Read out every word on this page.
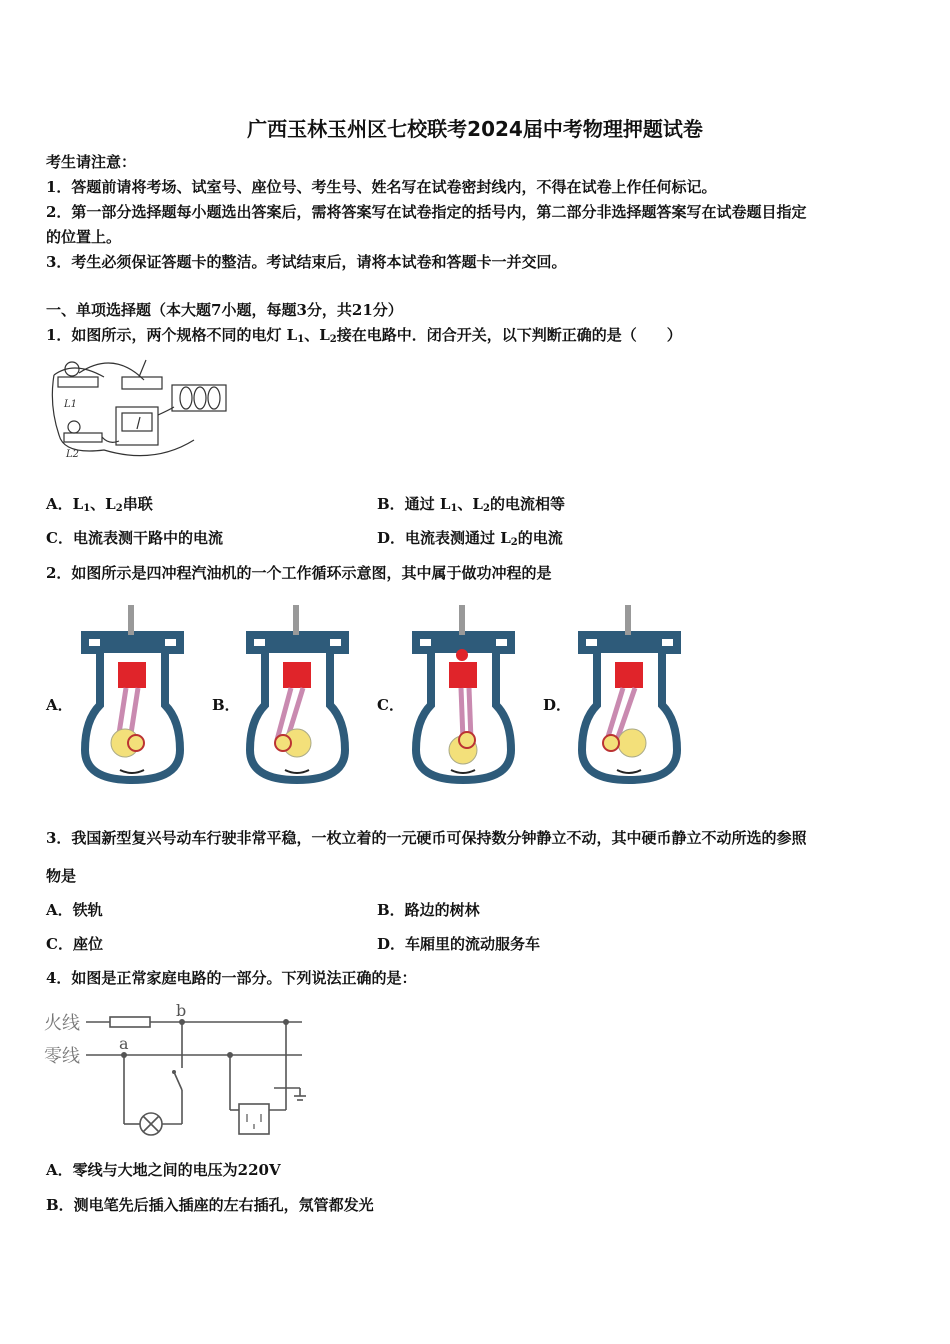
广西玉林玉州区七校联考2024届中考物理押题试卷
考生请注意：
1．答题前请将考场、试室号、座位号、考生号、姓名写在试卷密封线内，不得在试卷上作任何标记。
2．第一部分选择题每小题选出答案后，需将答案写在试卷指定的括号内，第二部分非选择题答案写在试卷题目指定
的位置上。
3．考生必须保证答题卡的整洁。考试结束后，请将本试卷和答题卡一并交回。
一、单项选择题（本大题7小题，每题3分，共21分）
1．如图所示，两个规格不同的电灯 $L_1$、$L_2$接在电路中．闭合开关，以下判断正确的是（　　）
L1
L2
A．$L_1$、$L_2$串联	B．通过 $L_1$、$L_2$的电流相等
C．电流表测干路中的电流	D．电流表测通过 $L_2$的电流
2．如图所示是四冲程汽油机的一个工作循环示意图，其中属于做功冲程的是
A．	B．	C．	D．
3．我国新型复兴号动车行驶非常平稳，一枚立着的一元硬币可保持数分钟静立不动，其中硬币静立不动所选的参照
物是
A．铁轨	B．路边的树林
C．座位	D．车厢里的流动服务车
4．如图是正常家庭电路的一部分。下列说法正确的是：
火线
零线
a
b
A．零线与大地之间的电压为220V
B．测电笔先后插入插座的左右插孔，氖管都发光
